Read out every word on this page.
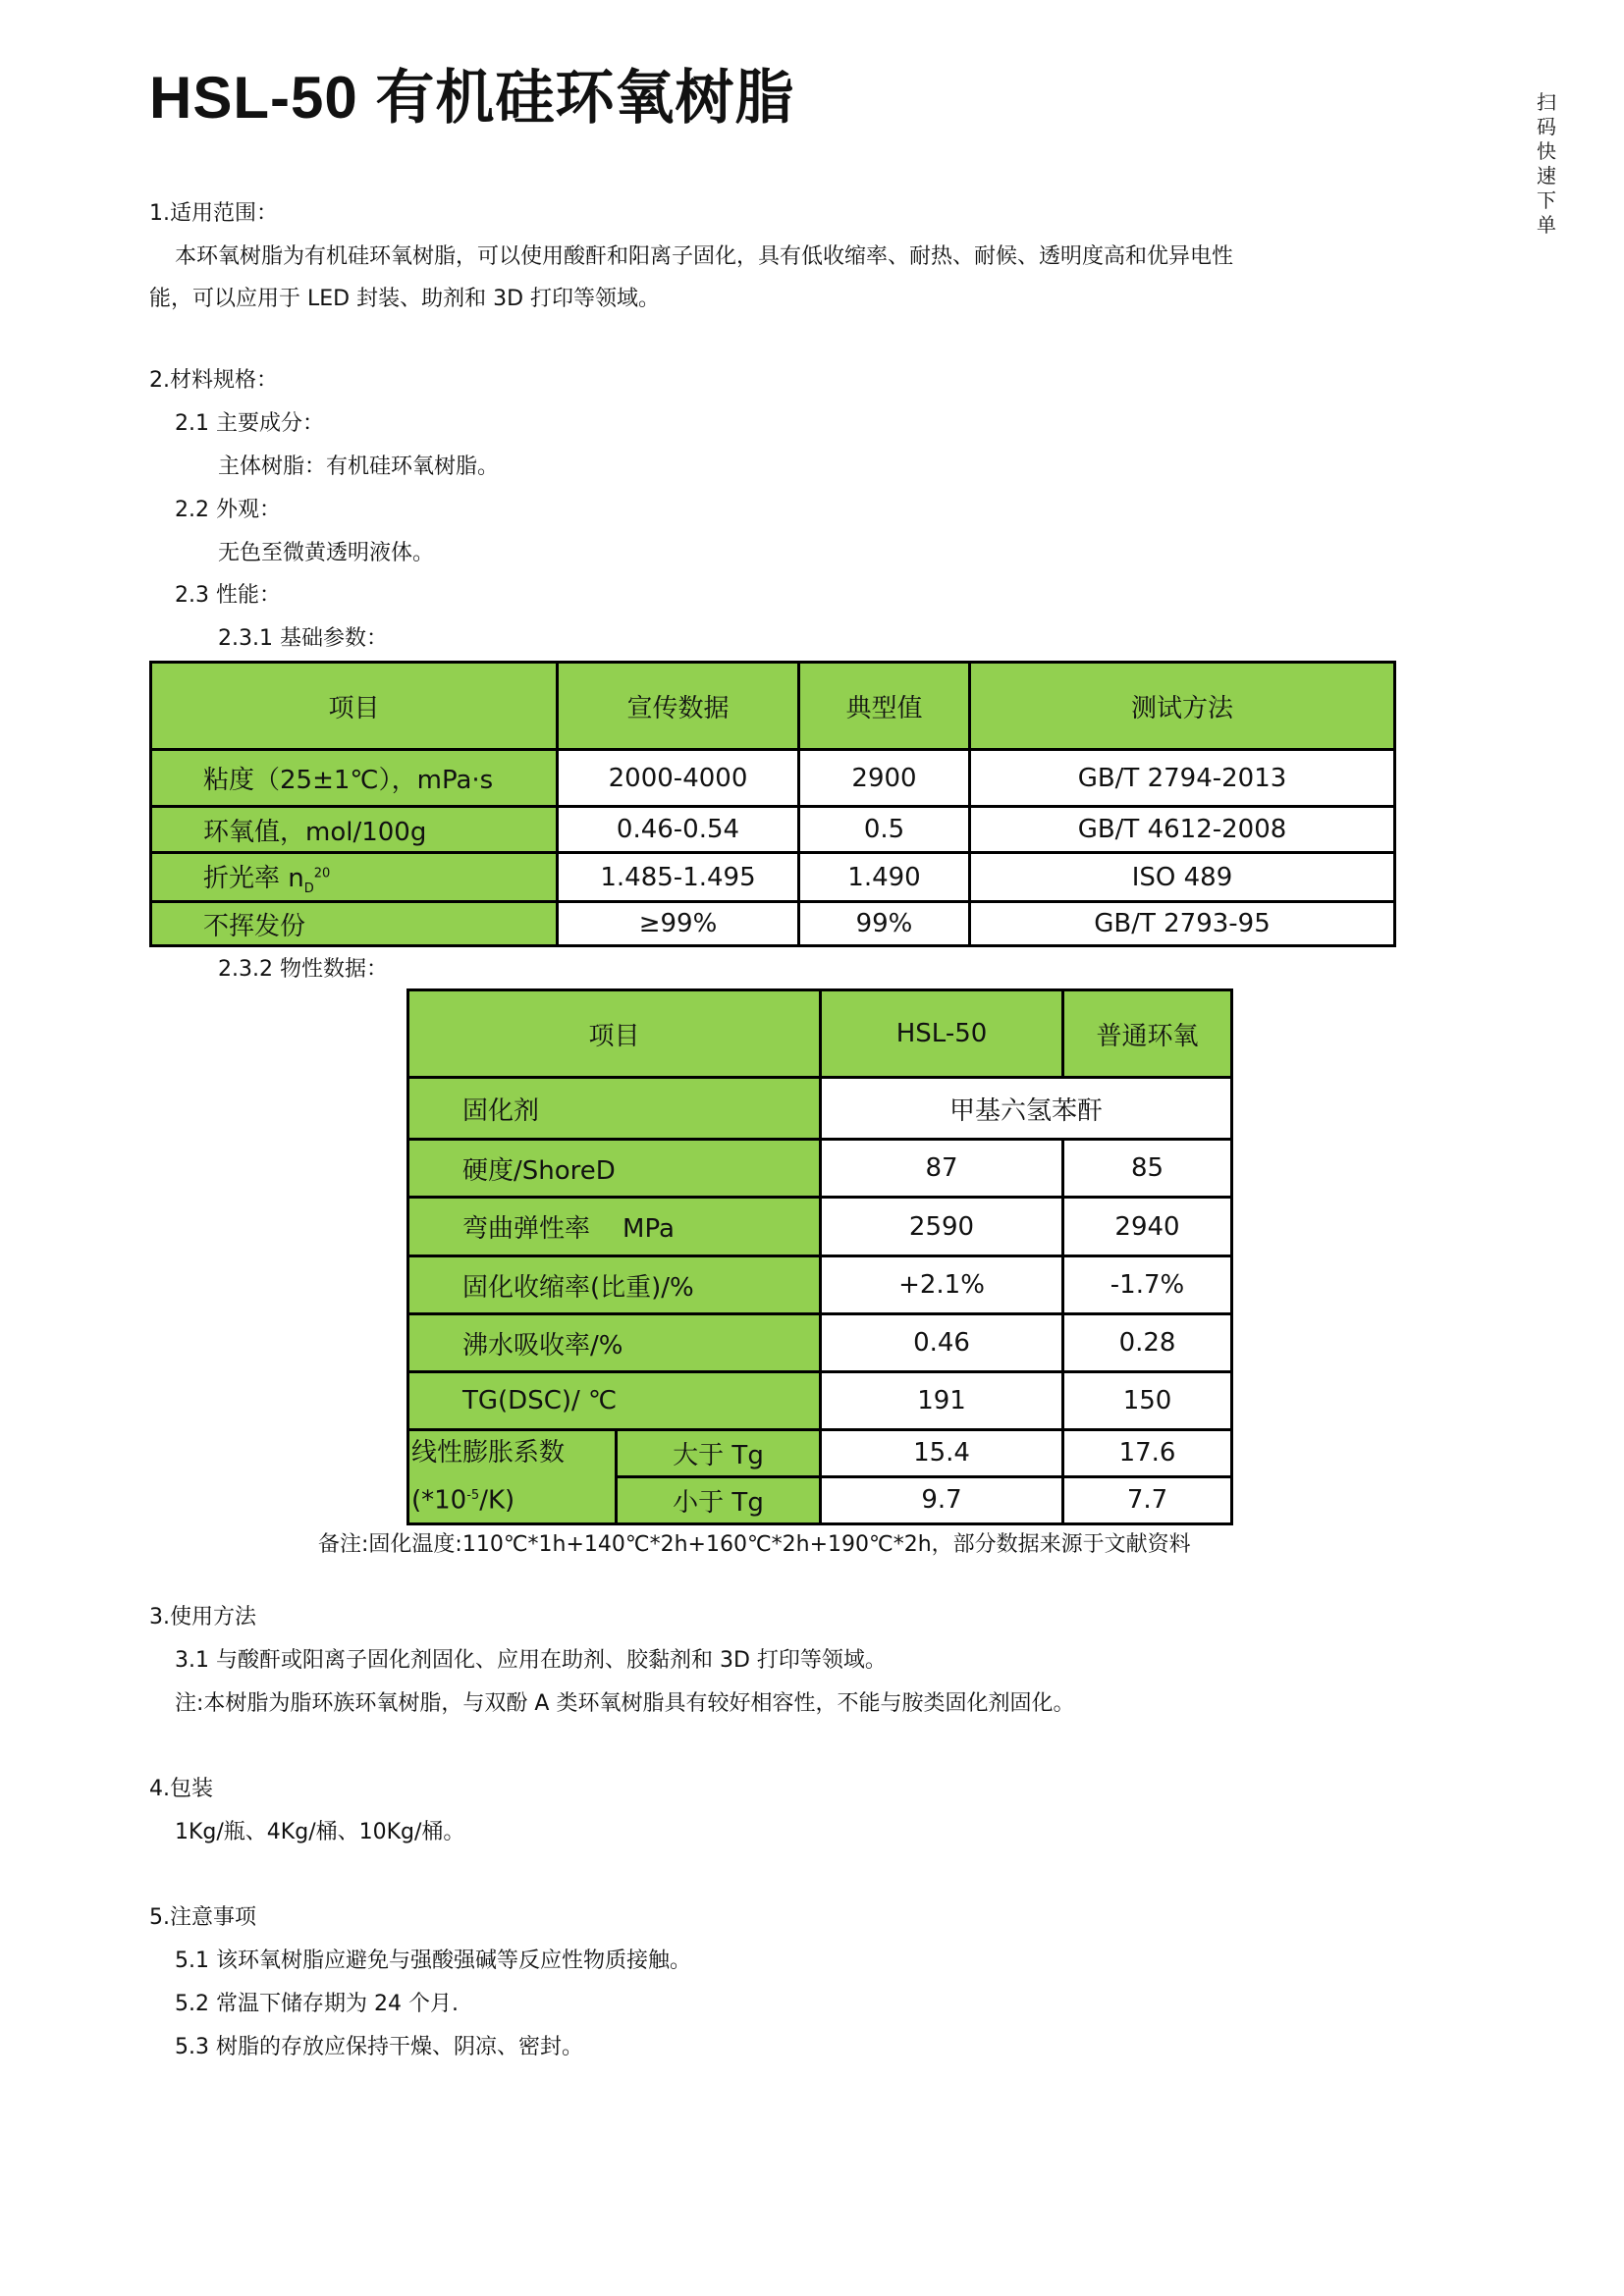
HSL-50 有机硅环氧树脂	扫码快速下单
1.适用范围：
本环氧树脂为有机硅环氧树脂，可以使用酸酐和阳离子固化，具有低收缩率、耐热、耐候、透明度高和优异电性
能，可以应用于 LED 封装、助剂和 3D 打印等领域。
2.材料规格：
2.1 主要成分：
主体树脂：有机硅环氧树脂。
2.2 外观：
无色至微黄透明液体。
2.3 性能：
2.3.1 基础参数：
项目	宣传数据	典型值	测试方法
粘度（25±1℃），mPa·s	2000-4000	2900	GB/T 2794-2013
环氧值，mol/100g	0.46-0.54	0.5	GB/T 4612-2008
折光率 $n_D^{20}$	1.485-1.495	1.490	ISO 489
不挥发份	≥99%	99%	GB/T 2793-95
2.3.2 物性数据：
项目		HSL-50	普通环氧
固化剂		甲基六氢苯酐	
硬度/ShoreD		87	85
弯曲弹性率    MPa		2590	2940
固化收缩率(比重)/%		+2.1%	-1.7%
沸水吸收率/%		0.46	0.28
TG(DSC)/ ℃		191	150

线性膨胀系数
$(*10^{-5}/K)$	大于 Tg	15.4	17.6
	小于 Tg	9.7	7.7
备注:固化温度:110℃*1h+140℃*2h+160℃*2h+190℃*2h，部分数据来源于文献资料
3.使用方法
3.1 与酸酐或阳离子固化剂固化、应用在助剂、胶黏剂和 3D 打印等领域。
注:本树脂为脂环族环氧树脂，与双酚 A 类环氧树脂具有较好相容性，不能与胺类固化剂固化。
4.包装
1Kg/瓶、4Kg/桶、10Kg/桶。
5.注意事项
5.1 该环氧树脂应避免与强酸强碱等反应性物质接触。
5.2 常温下储存期为 24 个月.
5.3 树脂的存放应保持干燥、阴凉、密封。
